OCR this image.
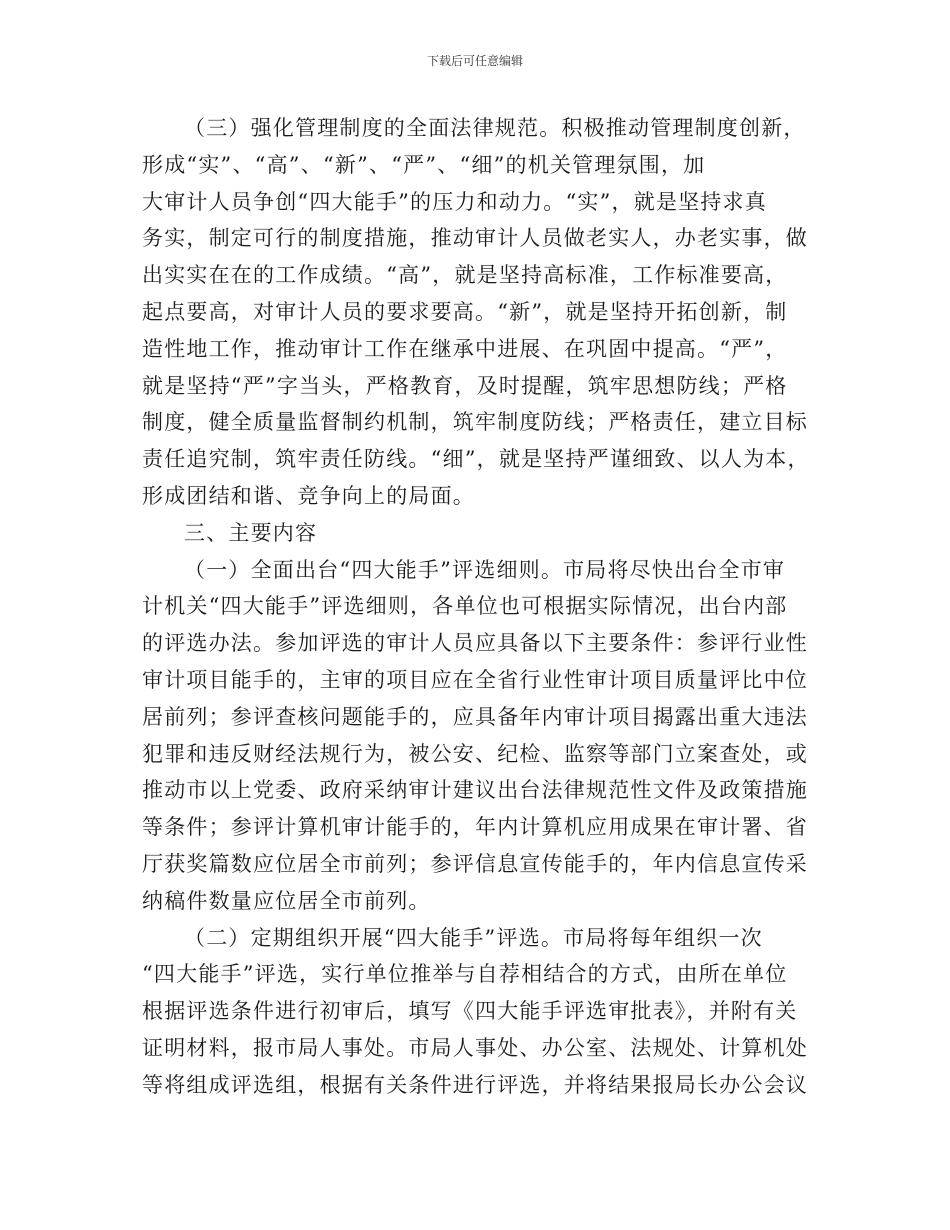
下载后可任意编辑
（三）强化管理制度的全面法律规范。积极推动管理制度创新，
形成“实”、“高”、“新”、“严”、“细”的机关管理氛围，加
大审计人员争创“四大能手”的压力和动力。“实”，就是坚持求真
务实，制定可行的制度措施，推动审计人员做老实人，办老实事，做
出实实在在的工作成绩。“高”，就是坚持高标准，工作标准要高，
起点要高，对审计人员的要求要高。“新”，就是坚持开拓创新，制
造性地工作，推动审计工作在继承中进展、在巩固中提高。“严”，
就是坚持“严”字当头，严格教育，及时提醒，筑牢思想防线；严格
制度，健全质量监督制约机制，筑牢制度防线；严格责任，建立目标
责任追究制，筑牢责任防线。“细”，就是坚持严谨细致、以人为本，
形成团结和谐、竞争向上的局面。
三、主要内容
（一）全面出台“四大能手”评选细则。市局将尽快出台全市审
计机关“四大能手”评选细则，各单位也可根据实际情况，出台内部
的评选办法。参加评选的审计人员应具备以下主要条件：参评行业性
审计项目能手的，主审的项目应在全省行业性审计项目质量评比中位
居前列；参评查核问题能手的，应具备年内审计项目揭露出重大违法
犯罪和违反财经法规行为，被公安、纪检、监察等部门立案查处，或
推动市以上党委、政府采纳审计建议出台法律规范性文件及政策措施
等条件；参评计算机审计能手的，年内计算机应用成果在审计署、省
厅获奖篇数应位居全市前列；参评信息宣传能手的，年内信息宣传采
纳稿件数量应位居全市前列。
（二）定期组织开展“四大能手”评选。市局将每年组织一次
“四大能手”评选，实行单位推举与自荐相结合的方式，由所在单位
根据评选条件进行初审后，填写《四大能手评选审批表》，并附有关
证明材料，报市局人事处。市局人事处、办公室、法规处、计算机处
等将组成评选组，根据有关条件进行评选，并将结果报局长办公会议
